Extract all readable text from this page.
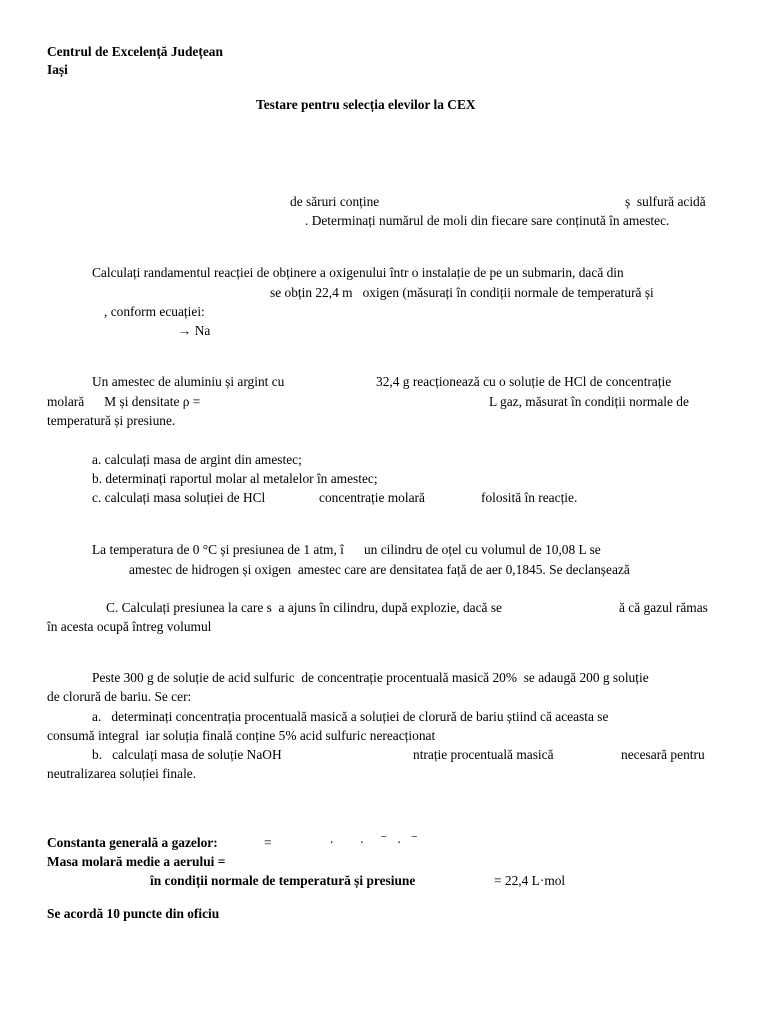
Centrul de Excelență Județean
Iași
Testare pentru selecția elevilor la CEX
de săruri conține	ș  sulfură acidă
. Determinați numărul de moli din fiecare sare conținută în amestec.
Calculați randamentul reacției de obținere a oxigenului într o instalație de pe un submarin, dacă din
se obțin 22,4 m   oxigen (măsurați în condiții normale de temperatură și
, conform ecuației:
→ Na
Un amestec de aluminiu și argint cu	32,4 g reacționează cu o soluție de HCl de concentrație
molară      M și densitate ρ =	L gaz, măsurat în condiții normale de
temperatură și presiune.
a. calculați masa de argint din amestec;
b. determinați raportul molar al metalelor în amestec;
c. calculați masa soluției de HCl	concentrație molară	folosită în reacție.
La temperatura de 0 °C și presiunea de 1 atm, î      un cilindru de oțel cu volumul de 10,08 L se
amestec de hidrogen și oxigen  amestec care are densitatea față de aer 0,1845. Se declanșează
C. Calculați presiunea la care s  a ajuns în cilindru, după explozie, dacă se	ă că gazul rămas
în acesta ocupă întreg volumul
Peste 300 g de soluție de acid sulfuric  de concentrație procentuală masică 20%  se adaugă 200 g soluție
de clorură de bariu. Se cer:
a.   determinați concentrația procentuală masică a soluției de clorură de bariu știind că aceasta se
consumă integral  iar soluția finală conține 5% acid sulfuric nereacționat
b.   calculați masa de soluție NaOH	ntrație procentuală masică	necesară pentru
neutralizarea soluției finale.
Constanta generală a gazelor:	=	.        .     ⁻   .   ⁻
Masa molară medie a aerului =
în condiții normale de temperatură și presiune	= 22,4 L·mol
Se acordă 10 puncte din oficiu
